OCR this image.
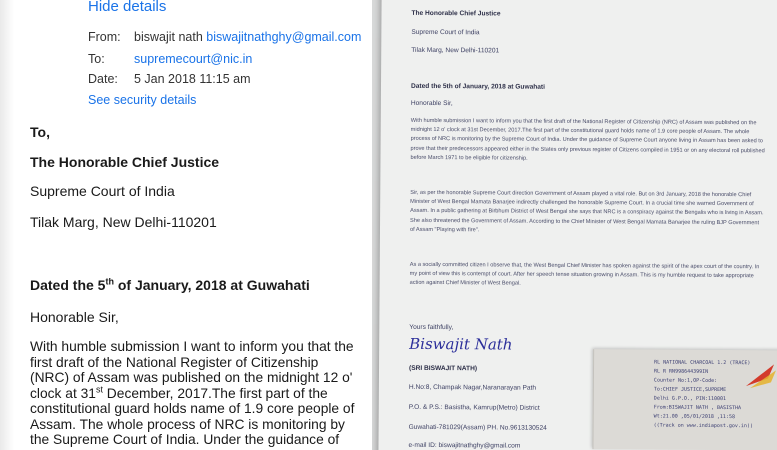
Hide details
From: biswajit nath biswajitnathghy@gmail.com
To: supremecourt@nic.in
Date: 5 Jan 2018 11:15 am
See security details
To,
The Honorable Chief Justice
Supreme Court of India
Tilak Marg, New Delhi-110201
Dated the 5th of January, 2018 at Guwahati
Honorable Sir,

With humble submission I want to inform you that the

first draft of the National Register of Citizenship

(NRC) of Assam was published on the midnight 12 o'

clock at 31st December, 2017.The first part of the

constitutional guard holds name of 1.9 core people of

Assam. The whole process of NRC is monitoring by

the Supreme Court of India. Under the guidance of

The Honorable Chief Justice
Supreme Court of India
Tilak Marg, New Delhi-110201
Dated the 5th of January, 2018 at Guwahati
Honorable Sir,
With humble submission I want to inform you that the first draft of the National Register of Citizenship (NRC) of Assam was published on the midnight 12 o' clock at 31st December, 2017.The first part of the constitutional guard holds name of 1.9 core people of Assam. The whole process of NRC is monitoring by the Supreme Court of India. Under the guidance of Supreme Court anyone living in Assam has been asked to prove that their predecessors appeared either in the States only previous register of Citizens compiled in 1951 or on any electoral roll published before March 1971 to be eligible for citizenship.
Sir, as per the honorable Supreme Court direction Government of Assam played a vital role. But on 3rd January, 2018 the honorable Chief Minister of West Bengal Mamata Banarjee indirectly challenged the honorable Supreme Court. In a crucial time she warned Government of Assam. In a public gathering at Birbhum District of West Bengal she says that NRC is a conspiracy against the Bengalis who is living in Assam. She also threatened the Government of Assam. According to the Chief Minister of West Bengal Mamata Banarjee the ruling BJP Government of Assam "Playing with fire".
As a socially committed citizen I observe that, the West Bengal Chief Minister has spoken against the spirit of the apex court of the country. In my point of view this is contempt of court. After her speech tense situation growing in Assam. This is my humble request to take appropriate action against Chief Minister of West Bengal.
Yours faithfully,
Biswajit Nath
(SRI BISWAJIT NATH)
H.No:8, Champak Nagar,Naranarayan Path
P.O. & P.S.: Basistha, Kamrup(Metro) District
Guwahati-781029(Assam) PH. No.9613130524
e-mail ID: biswajitnathghy@gmail.com
RL NATIONAL CHARCOAL 1.2 (TRACE)
RL R RN998644399IN
Counter No:1,OP-Code:
To:CHIEF JUSTICE,SUPREME
Delhi G.P.O., PIN:110001
From:BISWAJIT NATH , BASISTHA
Wt:21.00 ,05/01/2018 ,11:58
((Track on www.indiapost.gov.in))
